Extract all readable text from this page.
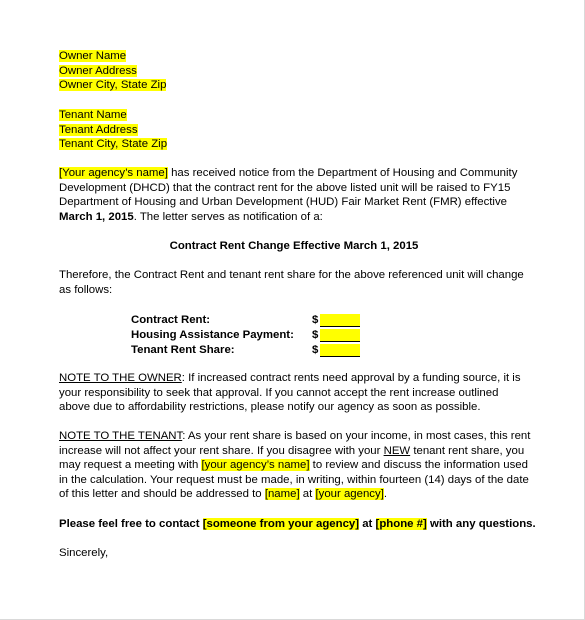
Owner Name
Owner Address
Owner City, State Zip
Tenant Name
Tenant Address
Tenant City, State Zip

[Your agency’s name] has received notice from the Department of Housing and Community Development (DHCD) that the contract rent for the above listed unit will be raised to FY15 Department of Housing and Urban Development (HUD) Fair Market Rent (FMR) effective March 1, 2015. The letter serves as notification of a:

Contract Rent Change Effective March 1, 2015

Therefore, the Contract Rent and tenant rent share for the above referenced unit will change as follows:

Contract Rent:	$
Housing Assistance Payment: $
Tenant Rent Share:	$

NOTE TO THE OWNER: If increased contract rents need approval by a funding source, it is your responsibility to seek that approval. If you cannot accept the rent increase outlined above due to affordability restrictions, please notify our agency as soon as possible.

NOTE TO THE TENANT: As your rent share is based on your income, in most cases, this rent increase will not affect your rent share. If you disagree with your NEW tenant rent share, you may request a meeting with [your agency’s name] to review and discuss the information used in the calculation. Your request must be made, in writing, within fourteen (14) days of the date of this letter and should be addressed to [name] at [your agency].

Please feel free to contact [someone from your agency] at [phone #] with any questions.

Sincerely,
